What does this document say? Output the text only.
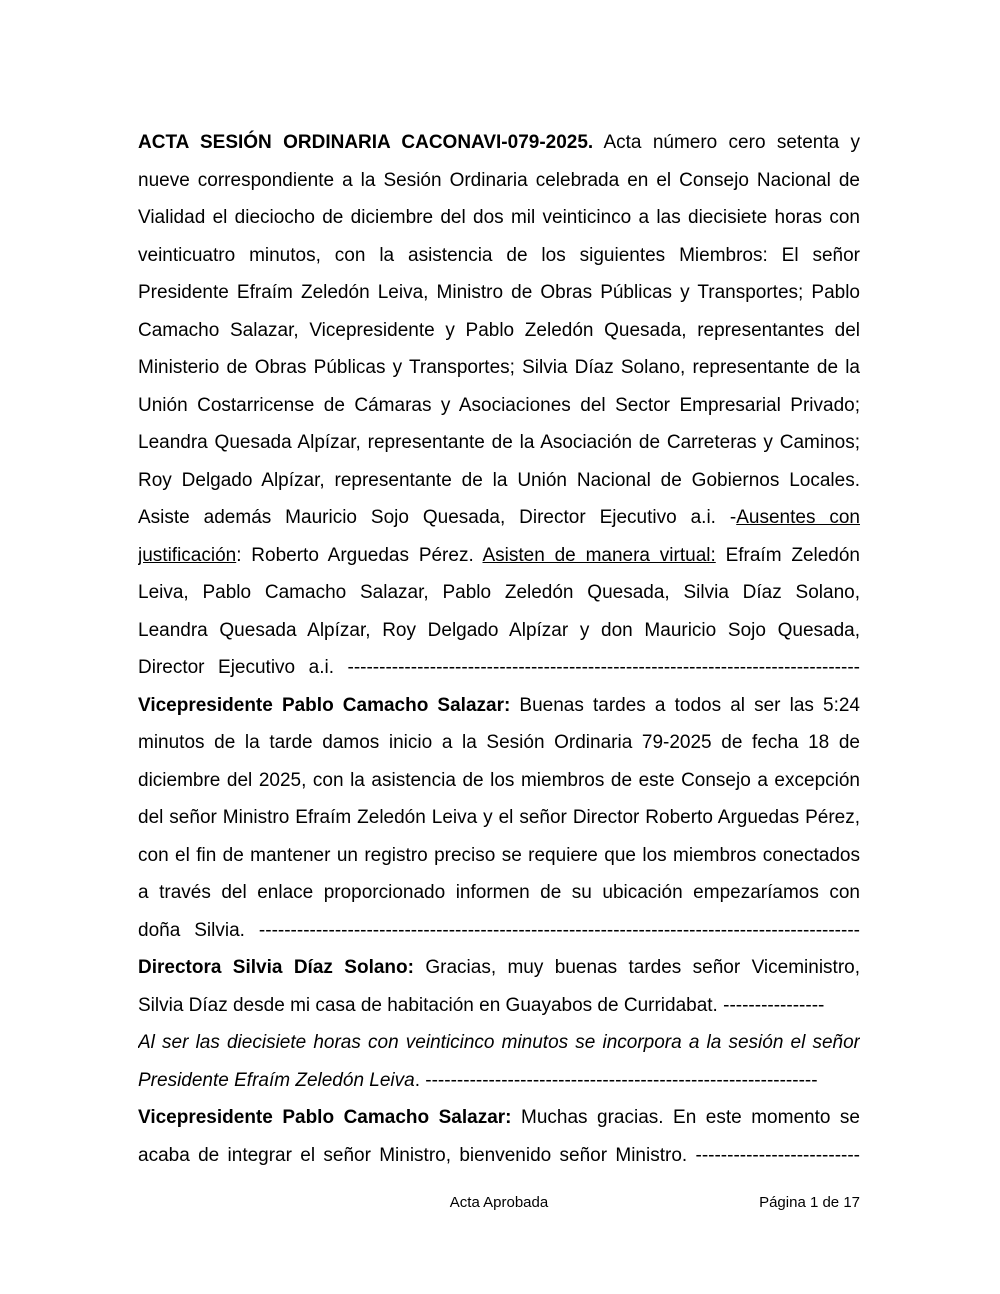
ACTA SESIÓN ORDINARIA CACONAVI-079-2025. Acta número cero setenta y
nueve correspondiente a la Sesión Ordinaria celebrada en el Consejo Nacional de
Vialidad el dieciocho de diciembre del dos mil veinticinco a las diecisiete horas con
veinticuatro minutos, con la asistencia de los siguientes Miembros: El señor
Presidente Efraím Zeledón Leiva, Ministro de Obras Públicas y Transportes; Pablo
Camacho Salazar, Vicepresidente y Pablo Zeledón Quesada, representantes del
Ministerio de Obras Públicas y Transportes; Silvia Díaz Solano, representante de la
Unión Costarricense de Cámaras y Asociaciones del Sector Empresarial Privado;
Leandra Quesada Alpízar, representante de la Asociación de Carreteras y Caminos;
Roy Delgado Alpízar, representante de la Unión Nacional de Gobiernos Locales.
Asiste además Mauricio Sojo Quesada, Director Ejecutivo a.i. -Ausentes con
justificación: Roberto Arguedas Pérez. Asisten de manera virtual: Efraím Zeledón
Leiva, Pablo Camacho Salazar, Pablo Zeledón Quesada, Silvia Díaz Solano,
Leandra Quesada Alpízar, Roy Delgado Alpízar y don Mauricio Sojo Quesada,
Director Ejecutivo a.i. ---------------------------------------------------------------------------------
Vicepresidente Pablo Camacho Salazar: Buenas tardes a todos al ser las 5:24
minutos de la tarde damos inicio a la Sesión Ordinaria 79-2025 de fecha 18 de
diciembre del 2025, con la asistencia de los miembros de este Consejo a excepción
del señor Ministro Efraím Zeledón Leiva y el señor Director Roberto Arguedas Pérez,
con el fin de mantener un registro preciso se requiere que los miembros conectados
a través del enlace proporcionado informen de su ubicación empezaríamos con
doña Silvia. -----------------------------------------------------------------------------------------------
Directora Silvia Díaz Solano: Gracias, muy buenas tardes señor Viceministro,
Silvia Díaz desde mi casa de habitación en Guayabos de Curridabat. ----------------
Al ser las diecisiete horas con veinticinco minutos se incorpora a la sesión el señor
Presidente Efraím Zeledón Leiva. --------------------------------------------------------------
Vicepresidente Pablo Camacho Salazar: Muchas gracias. En este momento se
acaba de integrar el señor Ministro, bienvenido señor Ministro. --------------------------
Acta Aprobada	Página 1 de 17
